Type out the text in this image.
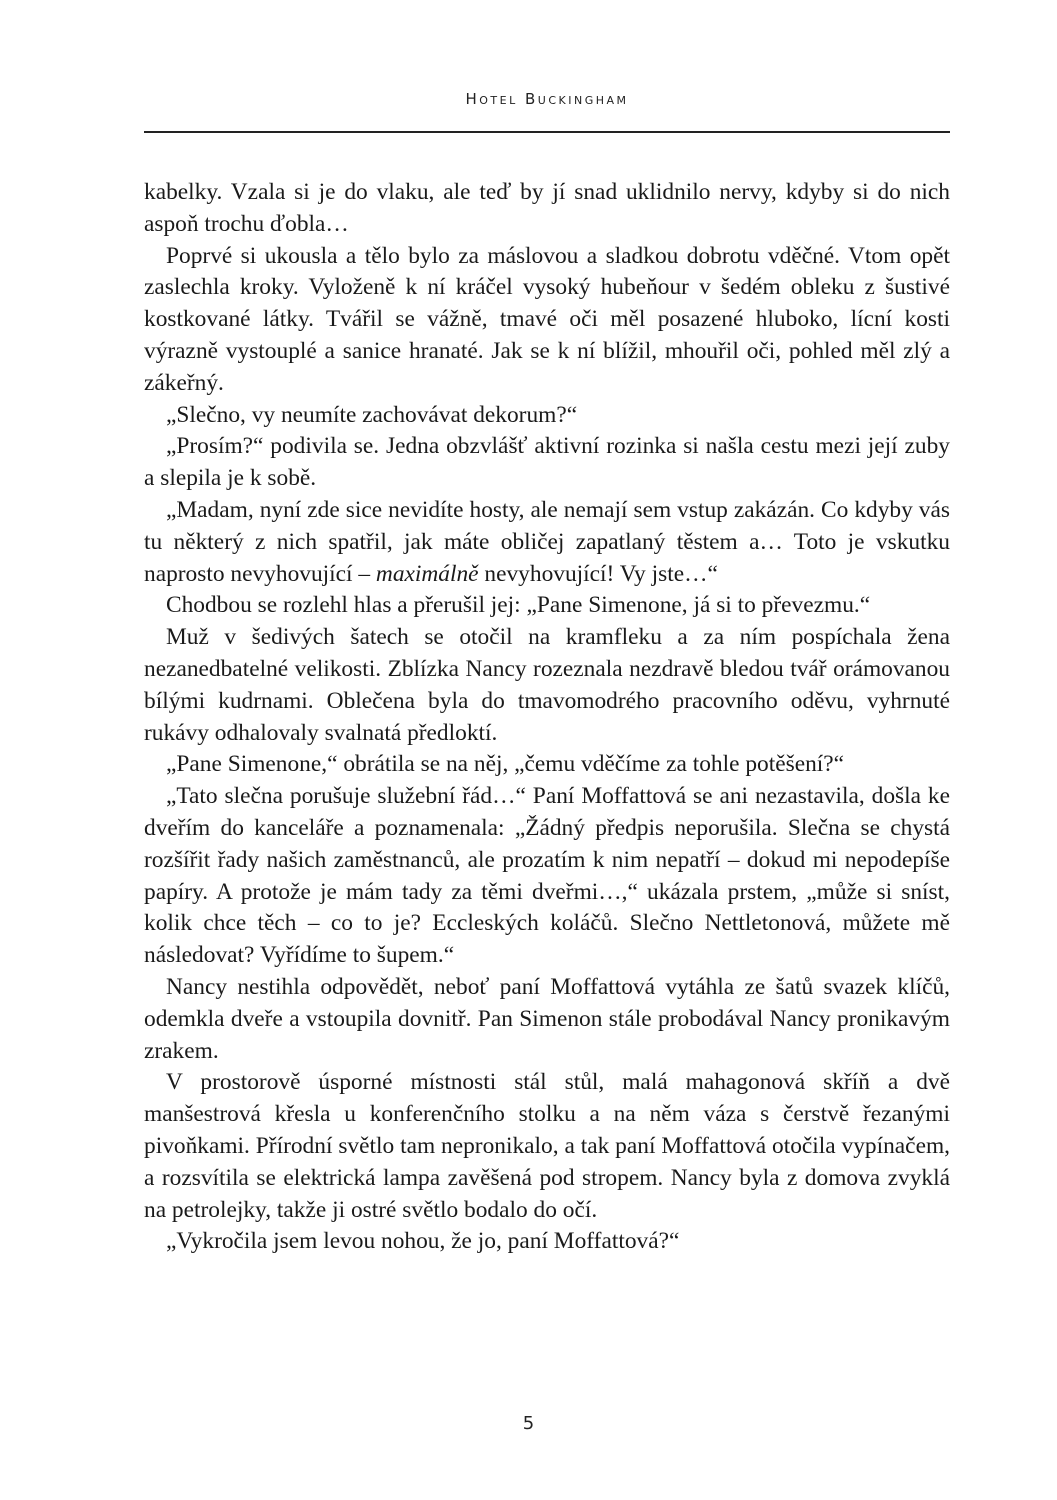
Hotel Buckingham

kabelky. Vzala si je do vlaku, ale teď by jí snad uklidnilo nervy, kdyby si do nich aspoň trochu ďobla…

Poprvé si ukousla a tělo bylo za máslovou a sladkou dobrotu vděčné. Vtom opět zaslechla kroky. Vyloženě k ní kráčel vysoký hubeňour v šedém obleku z šustivé kostkované látky. Tvářil se vážně, tmavé oči měl posazené hluboko, lícní kosti výrazně vystouplé a sanice hranaté. Jak se k ní blížil, mhouřil oči, pohled měl zlý a zákeřný.

„Slečno, vy neumíte zachovávat dekorum?“

„Prosím?“ podivila se. Jedna obzvlášť aktivní rozinka si našla cestu mezi její zuby a slepila je k sobě.

„Madam, nyní zde sice nevidíte hosty, ale nemají sem vstup zakázán. Co kdyby vás tu některý z nich spatřil, jak máte obličej zapatlaný těstem a… Toto je vskutku naprosto nevyhovující – maximálně nevyhovující! Vy jste…“

Chodbou se rozlehl hlas a přerušil jej: „Pane Simenone, já si to převezmu.“

Muž v šedivých šatech se otočil na kramfleku a za ním pospíchala žena nezanedbatelné velikosti. Zblízka Nancy rozeznala nezdravě bledou tvář orámovanou bílými kudrnami. Oblečena byla do tmavomodrého pracovního oděvu, vyhrnuté rukávy odhalovaly svalnatá předloktí.

„Pane Simenone,“ obrátila se na něj, „čemu vděčíme za tohle potěšení?“

„Tato slečna porušuje služební řád…“ Paní Moffattová se ani nezastavila, došla ke dveřím do kanceláře a poznamenala: „Žádný předpis neporušila. Slečna se chystá rozšířit řady našich zaměstnanců, ale prozatím k nim nepatří – dokud mi nepodepíše papíry. A protože je mám tady za těmi dveřmi…,“ ukázala prstem, „může si sníst, kolik chce těch – co to je? Eccleských koláčů. Slečno Nettletonová, můžete mě následovat? Vyřídíme to šupem.“

Nancy nestihla odpovědět, neboť paní Moffattová vytáhla ze šatů svazek klíčů, odemkla dveře a vstoupila dovnitř. Pan Simenon stále probodával Nancy pronikavým zrakem.

V prostorově úsporné místnosti stál stůl, malá mahagonová skříň a dvě manšestrová křesla u konferenčního stolku a na něm váza s čerstvě řezanými pivoňkami. Přírodní světlo tam nepronikalo, a tak paní Moffattová otočila vypínačem, a rozsvítila se elektrická lampa zavěšená pod stropem. Nancy byla z domova zvyklá na petrolejky, takže ji ostré světlo bodalo do očí.

„Vykročila jsem levou nohou, že jo, paní Moffattová?“

5
